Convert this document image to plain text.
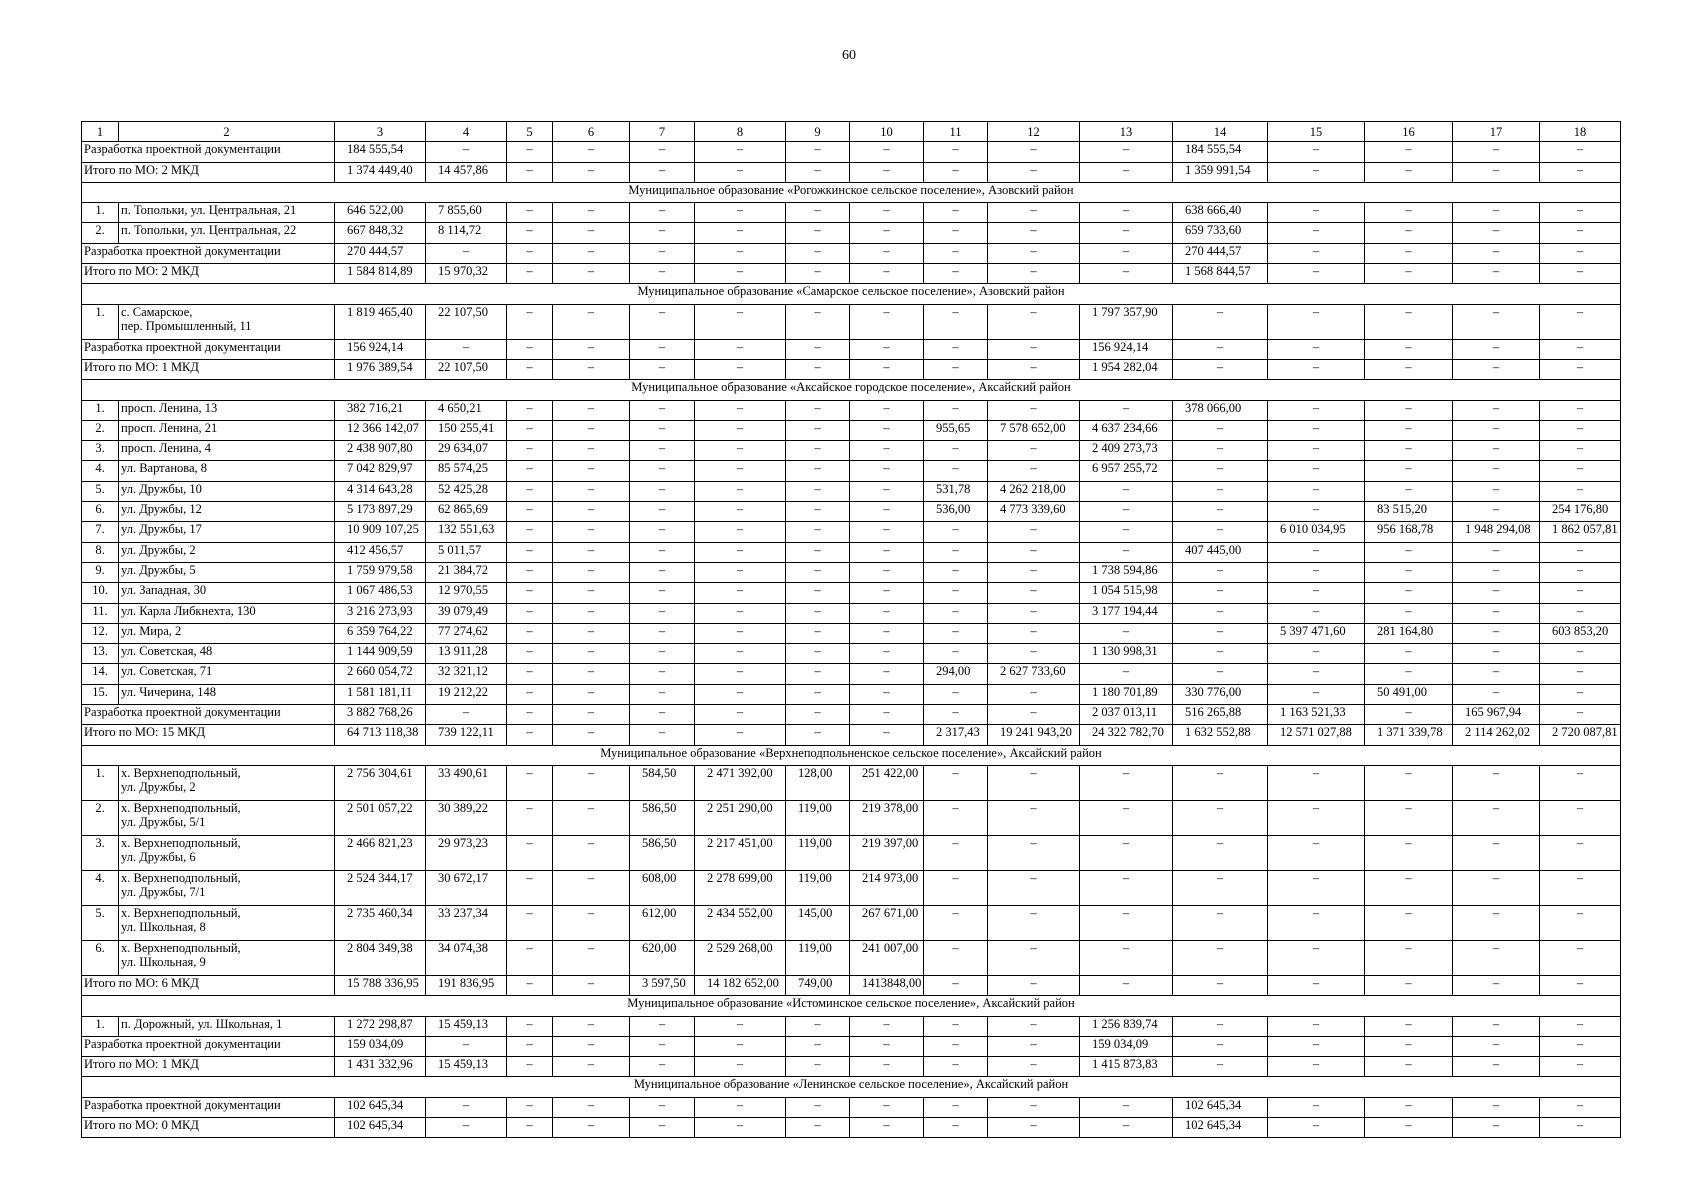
60
1	2	3	4	5	6	7	8	9	10	11	12	13	14	15	16	17	18
Разработка проектной документации		184 555,54	–	–	–	–	–	–	–	–	–	–	184 555,54	–	–	–	–
Итого по МО: 2 МКД		1 374 449,40	14 457,86	–	–	–	–	–	–	–	–	–	1 359 991,54	–	–	–	–
Муниципальное образование «Рогожкинское сельское поселение», Азовский район																	
1.	п. Топольки, ул. Центральная, 21	646 522,00	7 855,60	–	–	–	–	–	–	–	–	–	638 666,40	–	–	–	–
2.	п. Топольки, ул. Центральная, 22	667 848,32	8 114,72	–	–	–	–	–	–	–	–	–	659 733,60	–	–	–	–
Разработка проектной документации		270 444,57	–	–	–	–	–	–	–	–	–	–	270 444,57	–	–	–	–
Итого по МО: 2 МКД		1 584 814,89	15 970,32	–	–	–	–	–	–	–	–	–	1 568 844,57	–	–	–	–
Муниципальное образование «Самарское сельское поселение», Азовский район																	
1.	с. Самарское,
пер. Промышленный, 11	1 819 465,40	22 107,50	–	–	–	–	–	–	–	–	1 797 357,90	–	–	–	–	–
Разработка проектной документации		156 924,14	–	–	–	–	–	–	–	–	–	156 924,14	–	–	–	–	–
Итого по МО: 1 МКД		1 976 389,54	22 107,50	–	–	–	–	–	–	–	–	1 954 282,04	–	–	–	–	–
Муниципальное образование «Аксайское городское поселение», Аксайский район																	
1.	просп. Ленина, 13	382 716,21	4 650,21	–	–	–	–	–	–	–	–	–	378 066,00	–	–	–	–
2.	просп. Ленина, 21	12 366 142,07	150 255,41	–	–	–	–	–	–	955,65	7 578 652,00	4 637 234,66	–	–	–	–	–
3.	просп. Ленина, 4	2 438 907,80	29 634,07	–	–	–	–	–	–	–	–	2 409 273,73	–	–	–	–	–
4.	ул. Вартанова, 8	7 042 829,97	85 574,25	–	–	–	–	–	–	–	–	6 957 255,72	–	–	–	–	–
5.	ул. Дружбы, 10	4 314 643,28	52 425,28	–	–	–	–	–	–	531,78	4 262 218,00	–	–	–	–	–	–
6.	ул. Дружбы, 12	5 173 897,29	62 865,69	–	–	–	–	–	–	536,00	4 773 339,60	–	–	–	83 515,20	–	254 176,80
7.	ул. Дружбы, 17	10 909 107,25	132 551,63	–	–	–	–	–	–	–	–	–	–	6 010 034,95	956 168,78	1 948 294,08	1 862 057,81
8.	ул. Дружбы, 2	412 456,57	5 011,57	–	–	–	–	–	–	–	–	–	407 445,00	–	–	–	–
9.	ул. Дружбы, 5	1 759 979,58	21 384,72	–	–	–	–	–	–	–	–	1 738 594,86	–	–	–	–	–
10.	ул. Западная, 30	1 067 486,53	12 970,55	–	–	–	–	–	–	–	–	1 054 515,98	–	–	–	–	–
11.	ул. Карла Либкнехта, 130	3 216 273,93	39 079,49	–	–	–	–	–	–	–	–	3 177 194,44	–	–	–	–	–
12.	ул. Мира, 2	6 359 764,22	77 274,62	–	–	–	–	–	–	–	–	–	–	5 397 471,60	281 164,80	–	603 853,20
13.	ул. Советская, 48	1 144 909,59	13 911,28	–	–	–	–	–	–	–	–	1 130 998,31	–	–	–	–	–
14.	ул. Советская, 71	2 660 054,72	32 321,12	–	–	–	–	–	–	294,00	2 627 733,60	–	–	–	–	–	–
15.	ул. Чичерина, 148	1 581 181,11	19 212,22	–	–	–	–	–	–	–	–	1 180 701,89	330 776,00	–	50 491,00	–	–
Разработка проектной документации		3 882 768,26	–	–	–	–	–	–	–	–	–	2 037 013,11	516 265,88	1 163 521,33	–	165 967,94	–
Итого по МО: 15 МКД		64 713 118,38	739 122,11	–	–	–	–	–	–	2 317,43	19 241 943,20	24 322 782,70	1 632 552,88	12 571 027,88	1 371 339,78	2 114 262,02	2 720 087,81
Муниципальное образование «Верхнеподпольненское сельское поселение», Аксайский район																	
1.	х. Верхнеподпольный,
ул. Дружбы, 2	2 756 304,61	33 490,61	–	–	584,50	2 471 392,00	128,00	251 422,00	–	–	–	–	–	–	–	–
2.	х. Верхнеподпольный,
ул. Дружбы, 5/1	2 501 057,22	30 389,22	–	–	586,50	2 251 290,00	119,00	219 378,00	–	–	–	–	–	–	–	–
3.	х. Верхнеподпольный,
ул. Дружбы, 6	2 466 821,23	29 973,23	–	–	586,50	2 217 451,00	119,00	219 397,00	–	–	–	–	–	–	–	–
4.	х. Верхнеподпольный,
ул. Дружбы, 7/1	2 524 344,17	30 672,17	–	–	608,00	2 278 699,00	119,00	214 973,00	–	–	–	–	–	–	–	–
5.	х. Верхнеподпольный,
ул. Школьная, 8	2 735 460,34	33 237,34	–	–	612,00	2 434 552,00	145,00	267 671,00	–	–	–	–	–	–	–	–
6.	х. Верхнеподпольный,
ул. Школьная, 9	2 804 349,38	34 074,38	–	–	620,00	2 529 268,00	119,00	241 007,00	–	–	–	–	–	–	–	–
Итого по МО: 6 МКД		15 788 336,95	191 836,95	–	–	3 597,50	14 182 652,00	749,00	1413848,00	–	–	–	–	–	–	–	–
Муниципальное образование «Истоминское сельское поселение», Аксайский район																	
1.	п. Дорожный, ул. Школьная, 1	1 272 298,87	15 459,13	–	–	–	–	–	–	–	–	1 256 839,74	–	–	–	–	–
Разработка проектной документации		159 034,09	–	–	–	–	–	–	–	–	–	159 034,09	–	–	–	–	–
Итого по МО: 1 МКД		1 431 332,96	15 459,13	–	–	–	–	–	–	–	–	1 415 873,83	–	–	–	–	–
Муниципальное образование «Ленинское сельское поселение», Аксайский район																	
Разработка проектной документации		102 645,34	–	–	–	–	–	–	–	–	–	–	102 645,34	–	–	–	–
Итого по МО: 0 МКД		102 645,34	–	–	–	–	–	–	–	–	–	–	102 645,34	–	–	–	–
